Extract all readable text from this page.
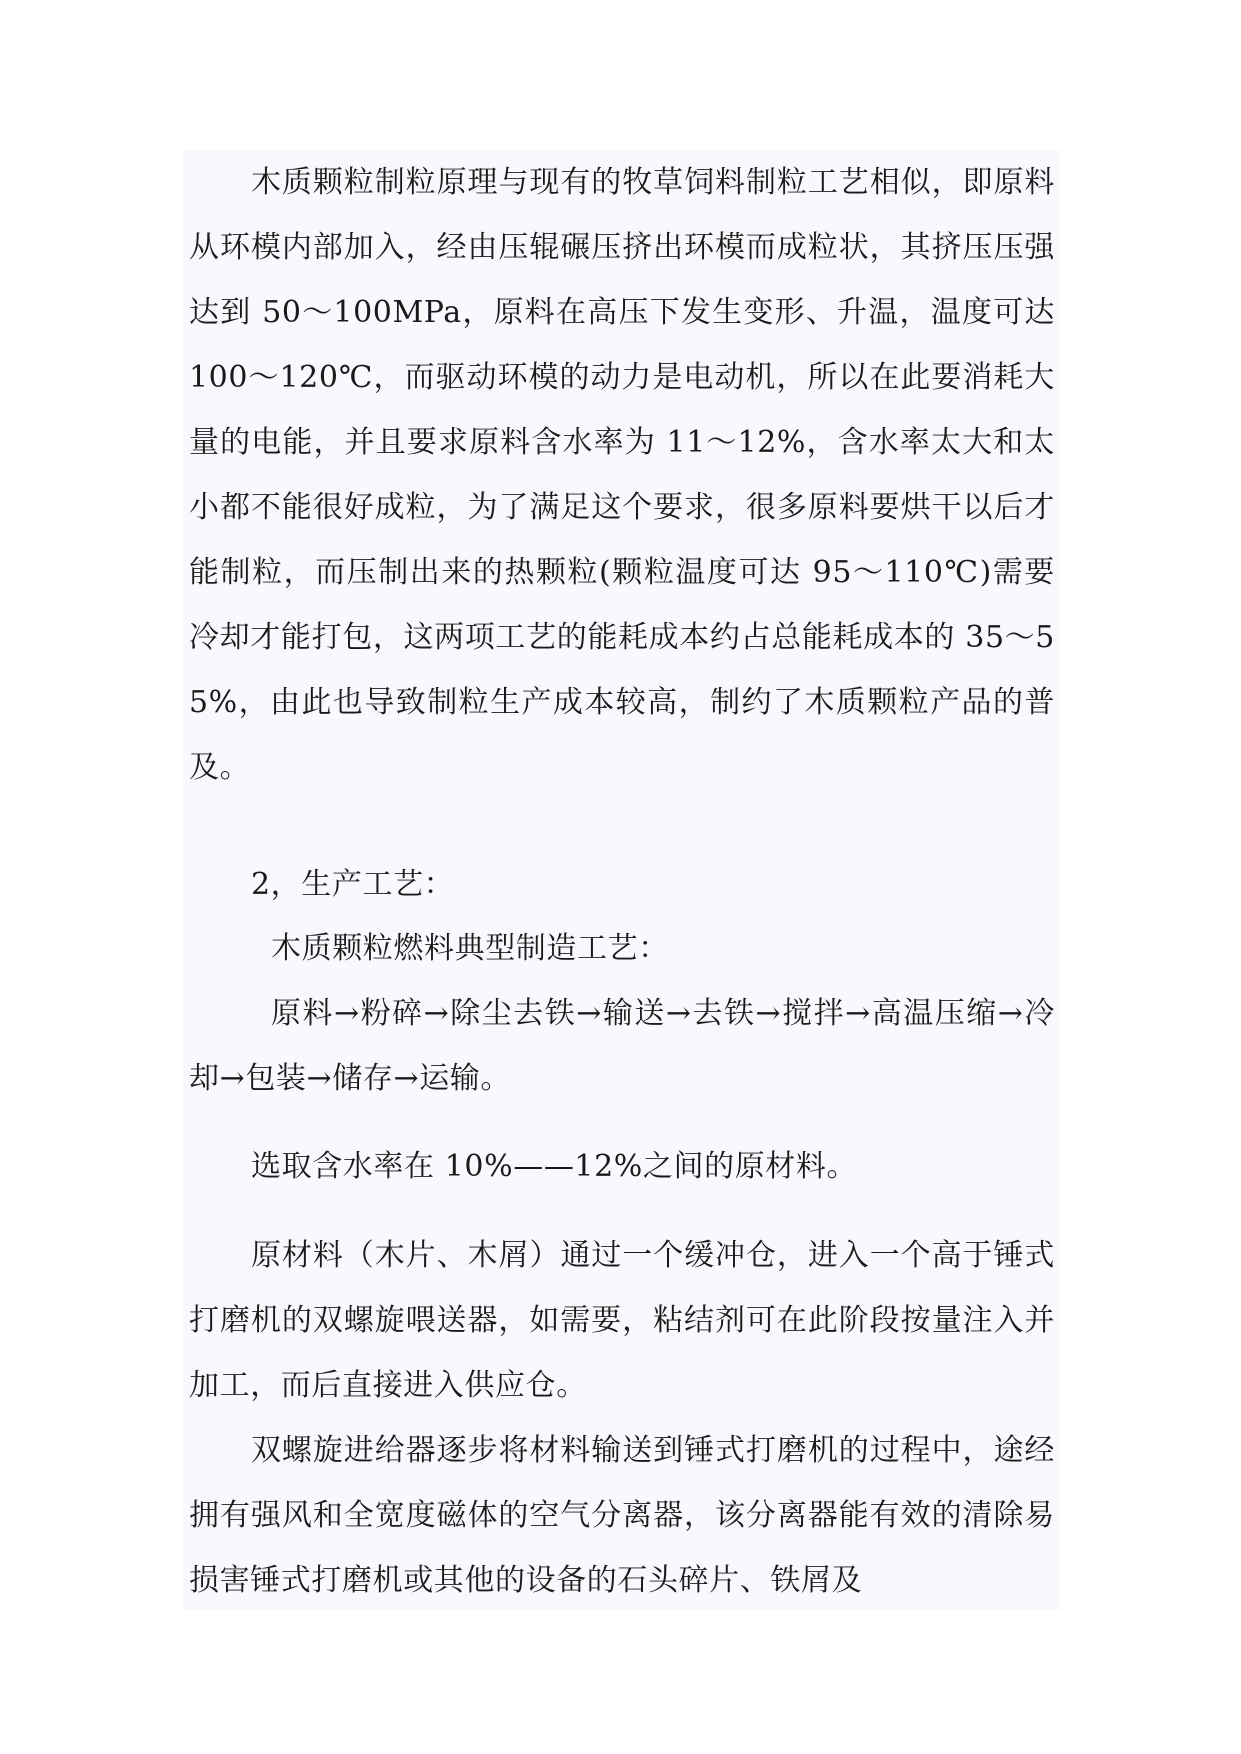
木质颗粒制粒原理与现有的牧草饲料制粒工艺相似，即原料从环模内部加入，经由压辊碾压挤出环模而成粒状，其挤压压强达到 50～100MPa，原料在高压下发生变形、升温，温度可达 100～120℃，而驱动环模的动力是电动机，所以在此要消耗大量的电能，并且要求原料含水率为 11～12%，含水率太大和太小都不能很好成粒，为了满足这个要求，很多原料要烘干以后才能制粒，而压制出来的热颗粒(颗粒温度可达 95～110℃)需要冷却才能打包，这两项工艺的能耗成本约占总能耗成本的 35～55%，由此也导致制粒生产成本较高，制约了木质颗粒产品的普及。

2，生产工艺：

木质颗粒燃料典型制造工艺：

原料→粉碎→除尘去铁→输送→去铁→搅拌→高温压缩→冷却→包装→储存→运输。

选取含水率在 10%——12%之间的原材料。

原材料（木片、木屑）通过一个缓冲仓，进入一个高于锤式打磨机的双螺旋喂送器，如需要，粘结剂可在此阶段按量注入并加工，而后直接进入供应仓。

双螺旋进给器逐步将材料输送到锤式打磨机的过程中，途经拥有强风和全宽度磁体的空气分离器，该分离器能有效的清除易损害锤式打磨机或其他的设备的石头碎片、铁屑及
